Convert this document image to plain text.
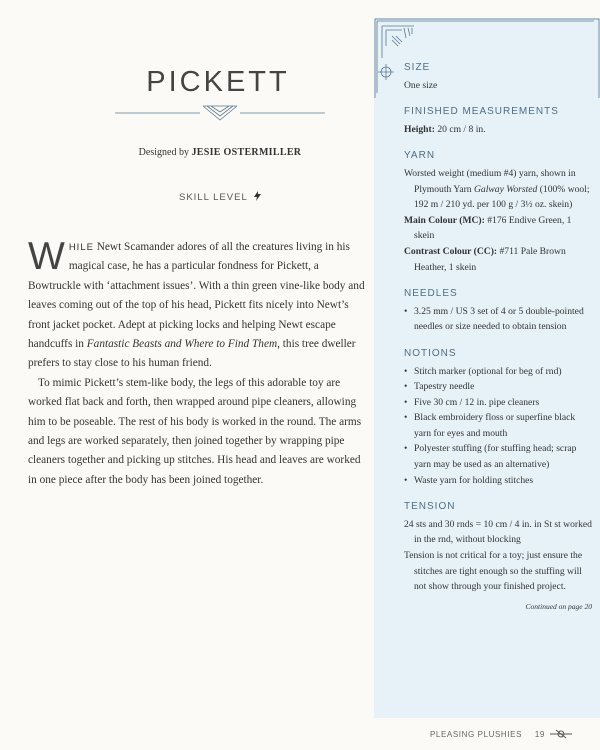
SIZE

One size

FINISHED MEASUREMENTS

Height: 20 cm / 8 in.

YARN

Worsted weight (medium #4) yarn, shown in Plymouth Yarn Galway Worsted (100% wool; 192 m / 210 yd. per 100 g / 3½ oz. skein)

Main Colour (MC): #176 Endive Green, 1 skein

Contrast Colour (CC): #711 Pale Brown Heather, 1 skein

NEEDLES
• 3.25 mm / US 3 set of 4 or 5 double-pointed needles or size needed to obtain tension
NOTIONS
• Stitch marker (optional for beg of rnd)
• Tapestry needle
• Five 30 cm / 12 in. pipe cleaners
• Black embroidery floss or superfine black yarn for eyes and mouth
• Polyester stuffing (for stuffing head; scrap yarn may be used as an alternative)
• Waste yarn for holding stitches
TENSION

24 sts and 30 rnds = 10 cm / 4 in. in St st worked in the rnd, without blocking

Tension is not critical for a toy; just ensure the stitches are tight enough so the stuffing will not show through your finished project.

Continued on page 20

PICKETT
Designed by JESIE OSTERMILLER
SKILL LEVEL

WHILE Newt Scamander adores of all the creatures living in his magical case, he has a particular fondness for Pickett, a Bowtruckle with ‘attachment issues’. With a thin green vine-like body and leaves coming out of the top of his head, Pickett fits nicely into Newt’s front jacket pocket. Adept at picking locks and helping Newt escape handcuffs in Fantastic Beasts and Where to Find Them, this tree dweller prefers to stay close to his human friend.

To mimic Pickett’s stem-like body, the legs of this adorable toy are worked flat back and forth, then wrapped around pipe cleaners, allowing him to be poseable. The rest of his body is worked in the round. The arms and legs are worked separately, then joined together by wrapping pipe cleaners together and picking up stitches. His head and leaves are worked in one piece after the body has been joined together.

PLEASING PLUSHIES 19
